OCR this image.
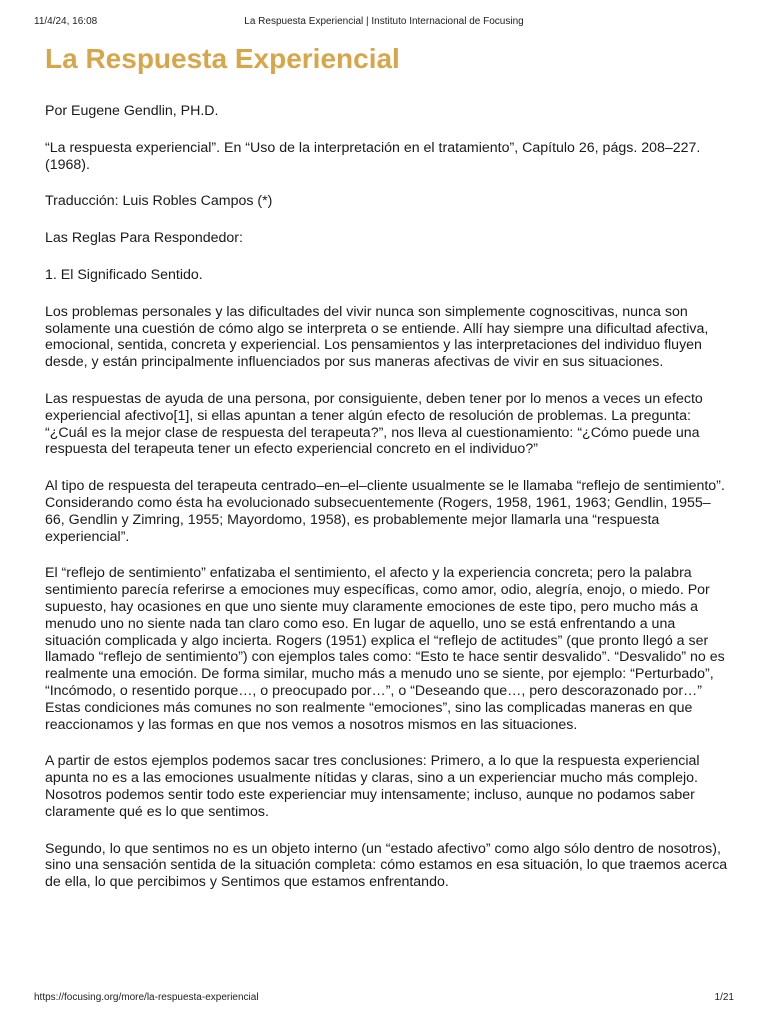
11/4/24, 16:08	La Respuesta Experiencial | Instituto Internacional de Focusing
La Respuesta Experiencial

Por Eugene Gendlin, PH.D.

“La respuesta experiencial”. En “Uso de la interpretación en el tratamiento”, Capítulo 26, págs. 208–227. (1968).

Traducción: Luis Robles Campos (*)

Las Reglas Para Respondedor:

1. El Significado Sentido.

Los problemas personales y las dificultades del vivir nunca son simplemente cognoscitivas, nunca son solamente una cuestión de cómo algo se interpreta o se entiende. Allí hay siempre una dificultad afectiva, emocional, sentida, concreta y experiencial. Los pensamientos y las interpretaciones del individuo fluyen desde, y están principalmente influenciados por sus maneras afectivas de vivir en sus situaciones.

Las respuestas de ayuda de una persona, por consiguiente, deben tener por lo menos a veces un efecto experiencial afectivo[1], si ellas apuntan a tener algún efecto de resolución de problemas. La pregunta: “¿Cuál es la mejor clase de respuesta del terapeuta?”, nos lleva al cuestionamiento: “¿Cómo puede una respuesta del terapeuta tener un efecto experiencial concreto en el individuo?”

Al tipo de respuesta del terapeuta centrado–en–el–cliente usualmente se le llamaba “reflejo de sentimiento”. Considerando como ésta ha evolucionado subsecuentemente (Rogers, 1958, 1961, 1963; Gendlin, 1955–66, Gendlin y Zimring, 1955; Mayordomo, 1958), es probablemente mejor llamarla una “respuesta experiencial”.

El “reflejo de sentimiento” enfatizaba el sentimiento, el afecto y la experiencia concreta; pero la palabra sentimiento parecía referirse a emociones muy específicas, como amor, odio, alegría, enojo, o miedo. Por supuesto, hay ocasiones en que uno siente muy claramente emociones de este tipo, pero mucho más a menudo uno no siente nada tan claro como eso. En lugar de aquello, uno se está enfrentando a una situación complicada y algo incierta. Rogers (1951) explica el “reflejo de actitudes” (que pronto llegó a ser llamado “reflejo de sentimiento”) con ejemplos tales como: “Esto te hace sentir desvalido”. “Desvalido” no es realmente una emoción. De forma similar, mucho más a menudo uno se siente, por ejemplo: “Perturbado”, “Incómodo, o resentido porque…, o preocupado por…”, o “Deseando que…, pero descorazonado por…” Estas condiciones más comunes no son realmente “emociones”, sino las complicadas maneras en que reaccionamos y las formas en que nos vemos a nosotros mismos en las situaciones.

A partir de estos ejemplos podemos sacar tres conclusiones: Primero, a lo que la respuesta experiencial apunta no es a las emociones usualmente nítidas y claras, sino a un experienciar mucho más complejo. Nosotros podemos sentir todo este experienciar muy intensamente; incluso, aunque no podamos saber claramente qué es lo que sentimos.

Segundo, lo que sentimos no es un objeto interno (un “estado afectivo” como algo sólo dentro de nosotros), sino una sensación sentida de la situación completa: cómo estamos en esa situación, lo que traemos acerca de ella, lo que percibimos y Sentimos que estamos enfrentando.

https://focusing.org/more/la-respuesta-experiencial	1/21
